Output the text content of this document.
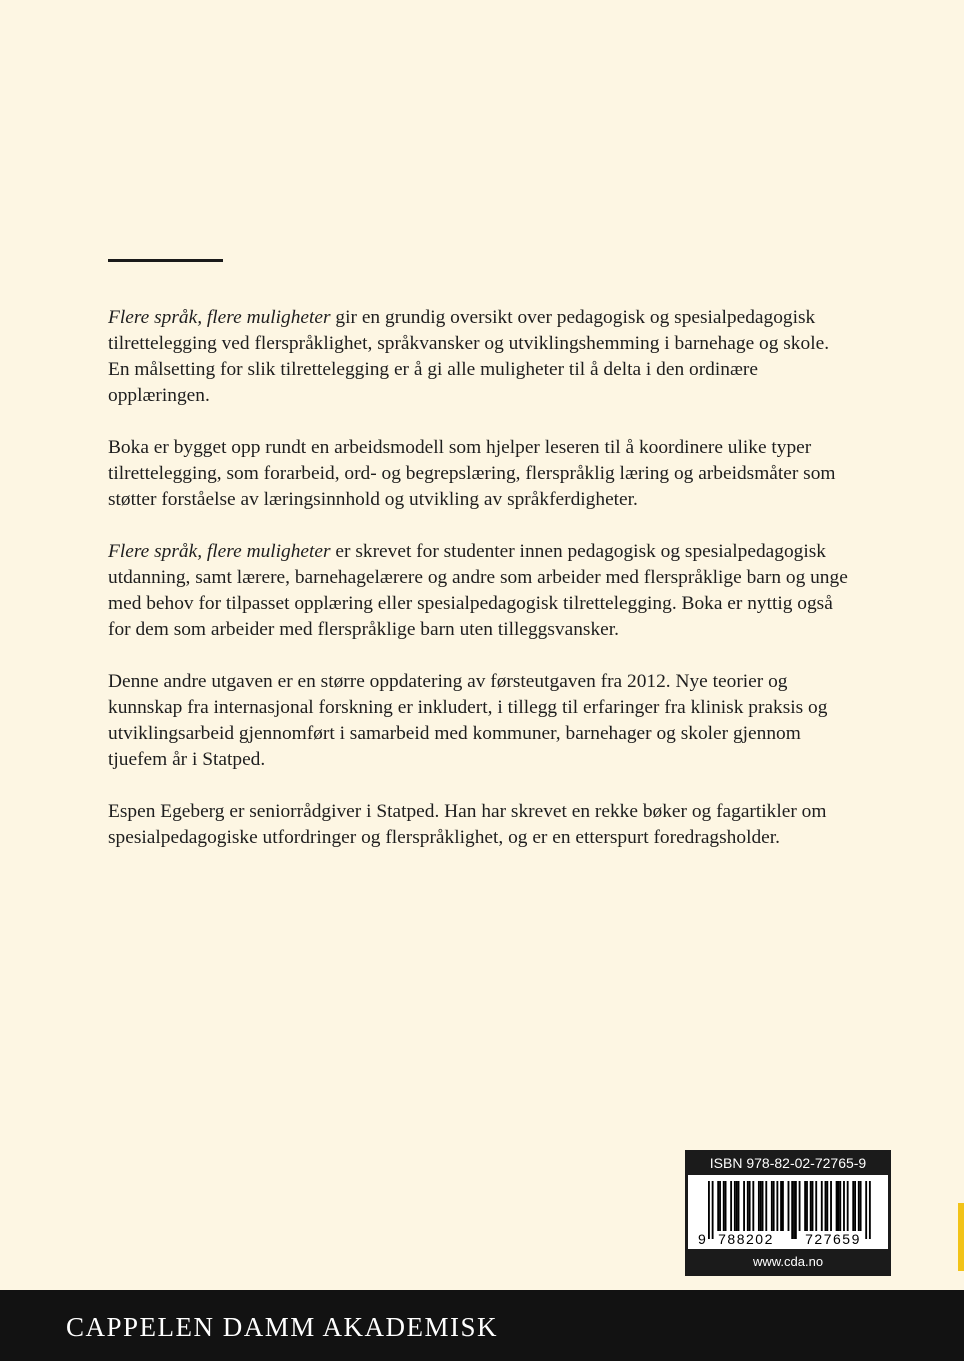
Flere språk, flere muligheter gir en grundig oversikt over pedagogisk og spesialpedagogisk tilrettelegging ved flerspråklighet, språkvansker og utviklingshemming i barnehage og skole. En målsetting for slik tilrettelegging er å gi alle muligheter til å delta i den ordinære opplæringen.

Boka er bygget opp rundt en arbeidsmodell som hjelper leseren til å koordinere ulike typer tilrettelegging, som forarbeid, ord- og begrepslæring, flerspråklig læring og arbeidsmåter som støtter forståelse av læringsinnhold og utvikling av språkferdigheter.

Flere språk, flere muligheter er skrevet for studenter innen pedagogisk og spesialpedagogisk utdanning, samt lærere, barnehagelærere og andre som arbeider med flerspråklige barn og unge med behov for tilpasset opplæring eller spesialpedagogisk tilrettelegging. Boka er nyttig også for dem som arbeider med flerspråklige barn uten tilleggsvansker.

Denne andre utgaven er en større oppdatering av førsteutgaven fra 2012. Nye teorier og kunnskap fra internasjonal forskning er inkludert, i tillegg til erfaringer fra klinisk praksis og utviklingsarbeid gjennomført i samarbeid med kommuner, barnehager og skoler gjennom tjuefem år i Statped.

Espen Egeberg er seniorrådgiver i Statped. Han har skrevet en rekke bøker og fagartikler om spesialpedagogiske utfordringer og flerspråklighet, og er en etterspurt foredragsholder.

ISBN 978-82-02-72765-9
9 788202 727659
www.cda.no
CAPPELEN DAMM AKADEMISK
